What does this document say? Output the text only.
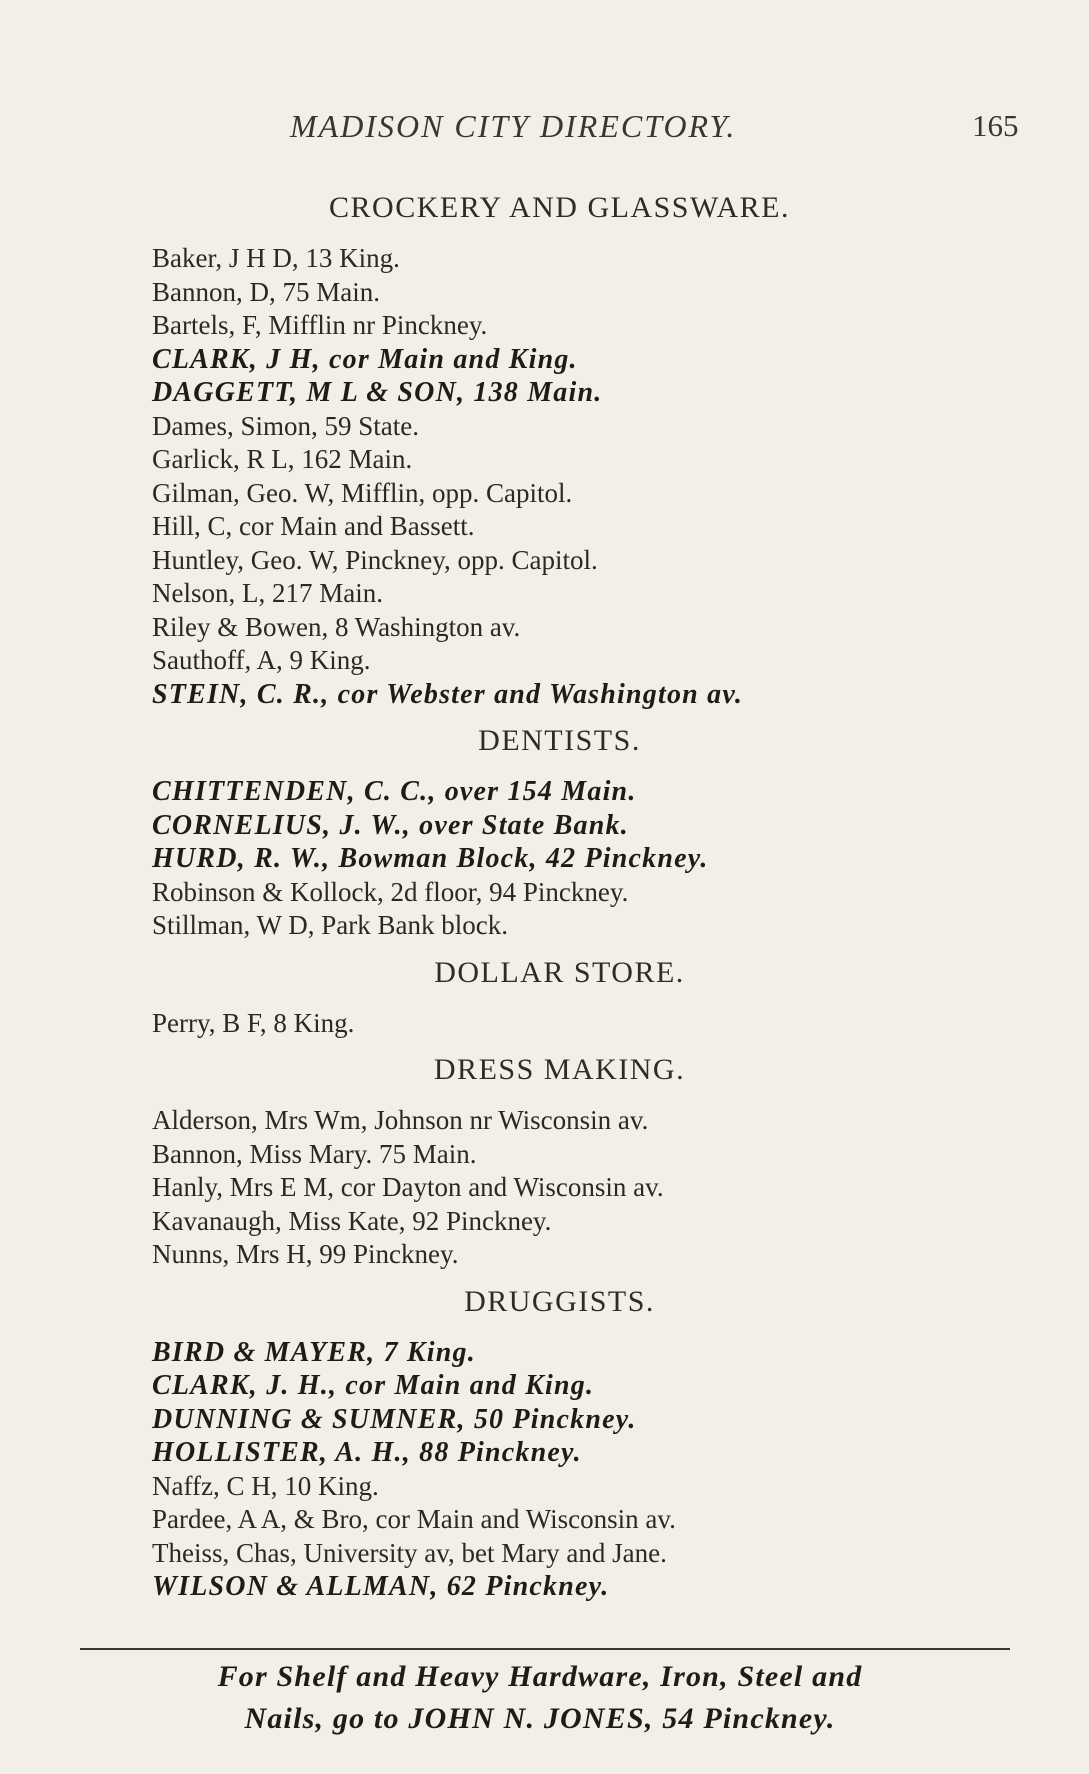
MADISON CITY DIRECTORY.	165
CROCKERY AND GLASSWARE.
Baker, J H D, 13 King.
Bannon, D, 75 Main.
Bartels, F, Mifflin nr Pinckney.
CLARK, J H, cor Main and King.
DAGGETT, M L & SON, 138 Main.
Dames, Simon, 59 State.
Garlick, R L, 162 Main.
Gilman, Geo. W, Mifflin, opp. Capitol.
Hill, C, cor Main and Bassett.
Huntley, Geo. W, Pinckney, opp. Capitol.
Nelson, L, 217 Main.
Riley & Bowen, 8 Washington av.
Sauthoff, A, 9 King.
STEIN, C. R., cor Webster and Washington av.
DENTISTS.
CHITTENDEN, C. C., over 154 Main.
CORNELIUS, J. W., over State Bank.
HURD, R. W., Bowman Block, 42 Pinckney.
Robinson & Kollock, 2d floor, 94 Pinckney.
Stillman, W D, Park Bank block.
DOLLAR STORE.
Perry, B F, 8 King.
DRESS MAKING.
Alderson, Mrs Wm, Johnson nr Wisconsin av.
Bannon, Miss Mary. 75 Main.
Hanly, Mrs E M, cor Dayton and Wisconsin av.
Kavanaugh, Miss Kate, 92 Pinckney.
Nunns, Mrs H, 99 Pinckney.
DRUGGISTS.
BIRD & MAYER, 7 King.
CLARK, J. H., cor Main and King.
DUNNING & SUMNER, 50 Pinckney.
HOLLISTER, A. H., 88 Pinckney.
Naffz, C H, 10 King.
Pardee, A A, & Bro, cor Main and Wisconsin av.
Theiss, Chas, University av, bet Mary and Jane.
WILSON & ALLMAN, 62 Pinckney.
For Shelf and Heavy Hardware, Iron, Steel and
Nails, go to JOHN N. JONES, 54 Pinckney.
